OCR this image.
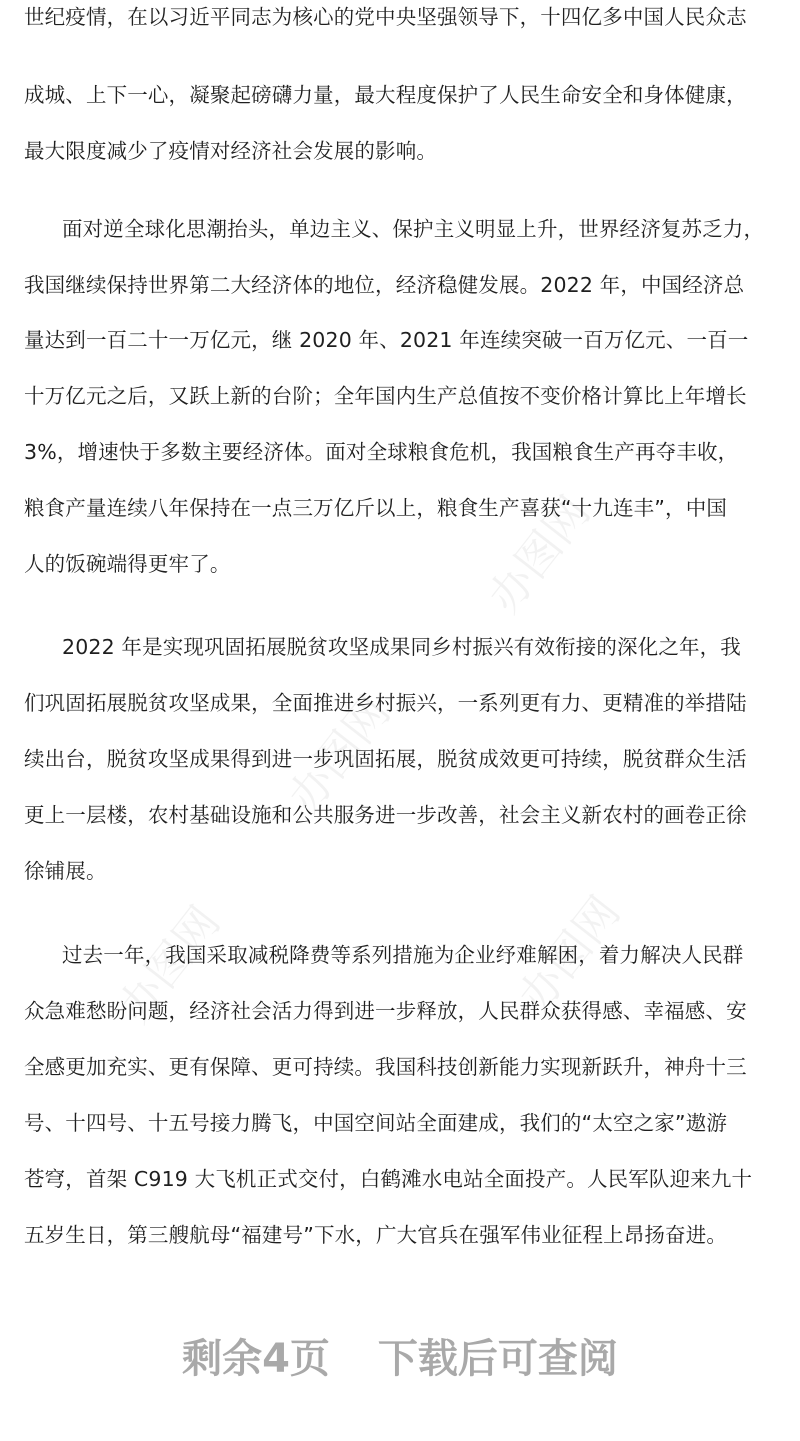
世纪疫情，在以习近平同志为核心的党中央坚强领导下，十四亿多中国人民众志
成城、上下一心，凝聚起磅礴力量，最大程度保护了人民生命安全和身体健康，
最大限度减少了疫情对经济社会发展的影响。
面对逆全球化思潮抬头，单边主义、保护主义明显上升，世界经济复苏乏力，
我国继续保持世界第二大经济体的地位，经济稳健发展。2022 年，中国经济总
量达到一百二十一万亿元，继 2020 年、2021 年连续突破一百万亿元、一百一
十万亿元之后，又跃上新的台阶；全年国内生产总值按不变价格计算比上年增长
3%，增速快于多数主要经济体。面对全球粮食危机，我国粮食生产再夺丰收，
粮食产量连续八年保持在一点三万亿斤以上，粮食生产喜获“十九连丰”，中国
人的饭碗端得更牢了。
2022 年是实现巩固拓展脱贫攻坚成果同乡村振兴有效衔接的深化之年，我
们巩固拓展脱贫攻坚成果，全面推进乡村振兴，一系列更有力、更精准的举措陆
续出台，脱贫攻坚成果得到进一步巩固拓展，脱贫成效更可持续，脱贫群众生活
更上一层楼，农村基础设施和公共服务进一步改善，社会主义新农村的画卷正徐
徐铺展。
过去一年，我国采取减税降费等系列措施为企业纾难解困，着力解决人民群
众急难愁盼问题，经济社会活力得到进一步释放，人民群众获得感、幸福感、安
全感更加充实、更有保障、更可持续。我国科技创新能力实现新跃升，神舟十三
号、十四号、十五号接力腾飞，中国空间站全面建成，我们的“太空之家”遨游
苍穹，首架 C919 大飞机正式交付，白鹤滩水电站全面投产。人民军队迎来九十
五岁生日，第三艘航母“福建号”下水，广大官兵在强军伟业征程上昂扬奋进。
办图网
办图网
办图网	办图网
剩余4页 下载后可查阅
